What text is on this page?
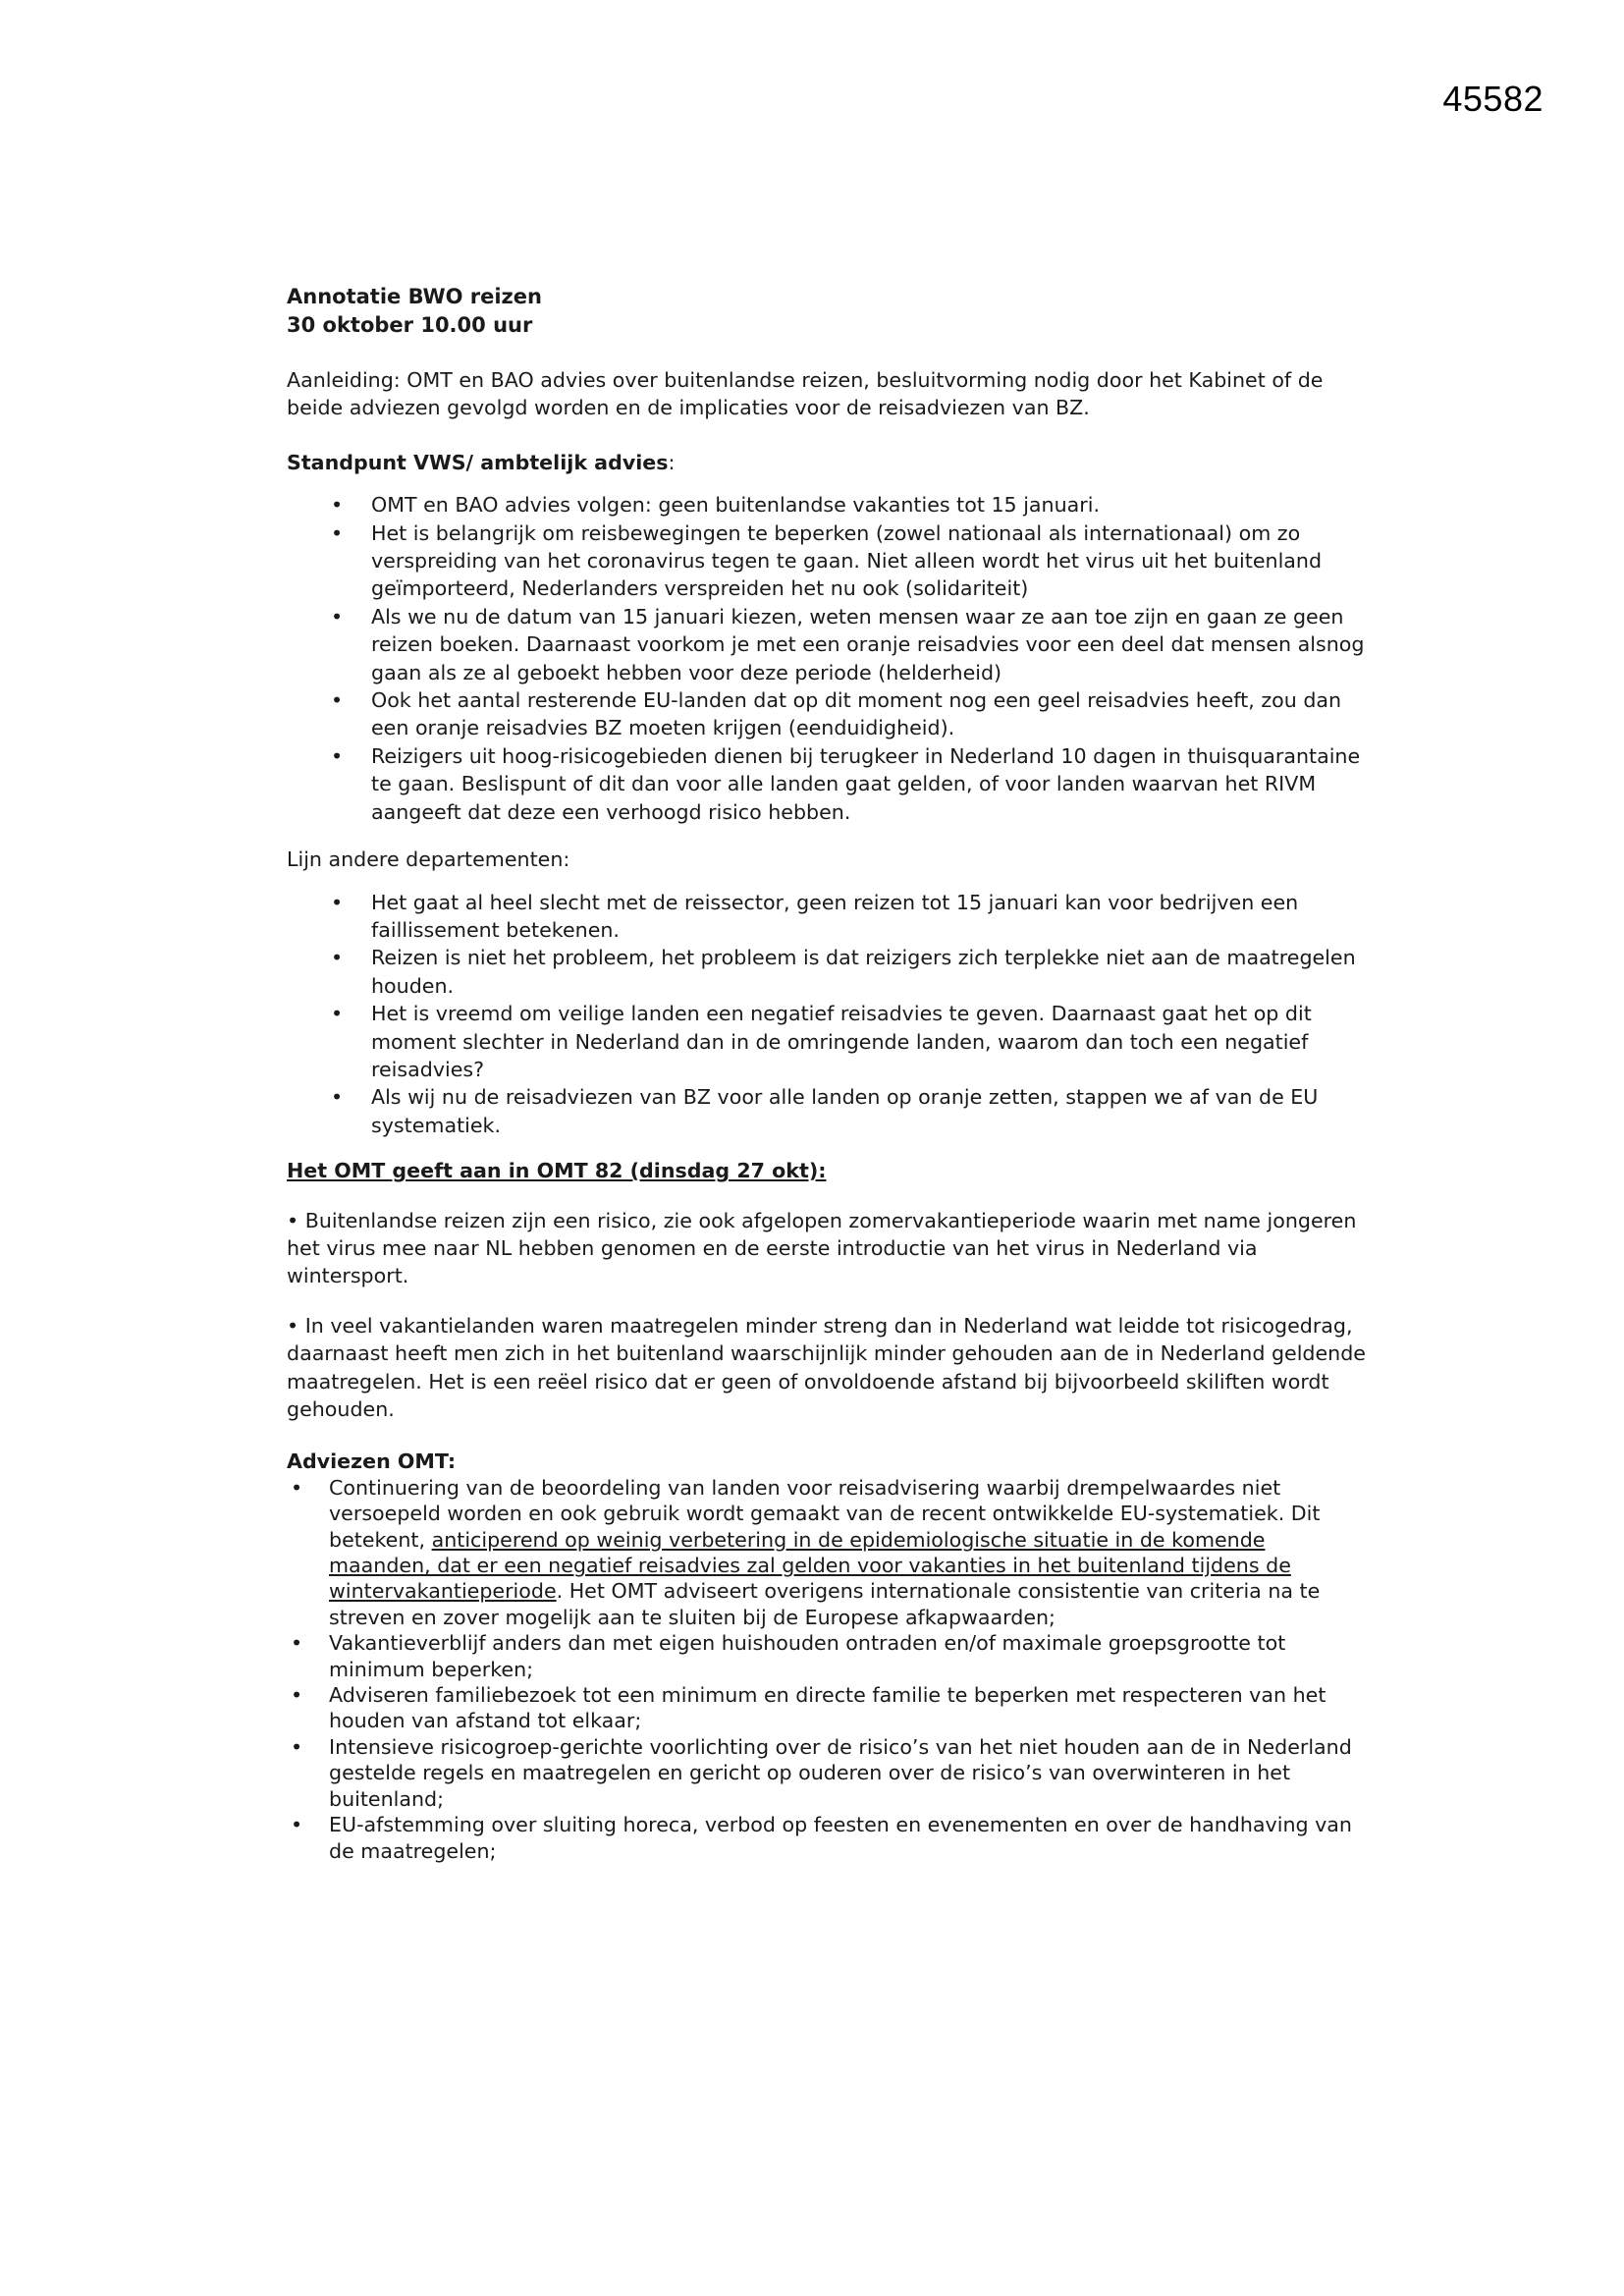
45582
Annotatie BWO reizen
30 oktober 10.00 uur

Aanleiding: OMT en BAO advies over buitenlandse reizen, besluitvorming nodig door het Kabinet of de beide adviezen gevolgd worden en de implicaties voor de reisadviezen van BZ.

Standpunt VWS/ ambtelijk advies:
• OMT en BAO advies volgen: geen buitenlandse vakanties tot 15 januari.
• Het is belangrijk om reisbewegingen te beperken (zowel nationaal als internationaal) om zo verspreiding van het coronavirus tegen te gaan. Niet alleen wordt het virus uit het buitenland geïmporteerd, Nederlanders verspreiden het nu ook (solidariteit)
• Als we nu de datum van 15 januari kiezen, weten mensen waar ze aan toe zijn en gaan ze geen reizen boeken. Daarnaast voorkom je met een oranje reisadvies voor een deel dat mensen alsnog gaan als ze al geboekt hebben voor deze periode (helderheid)
• Ook het aantal resterende EU-landen dat op dit moment nog een geel reisadvies heeft, zou dan een oranje reisadvies BZ moeten krijgen (eenduidigheid).
• Reizigers uit hoog-risicogebieden dienen bij terugkeer in Nederland 10 dagen in thuisquarantaine te gaan. Beslispunt of dit dan voor alle landen gaat gelden, of voor landen waarvan het RIVM aangeeft dat deze een verhoogd risico hebben.
Lijn andere departementen:
• Het gaat al heel slecht met de reissector, geen reizen tot 15 januari kan voor bedrijven een faillissement betekenen.
• Reizen is niet het probleem, het probleem is dat reizigers zich terplekke niet aan de maatregelen houden.
• Het is vreemd om veilige landen een negatief reisadvies te geven. Daarnaast gaat het op dit moment slechter in Nederland dan in de omringende landen, waarom dan toch een negatief reisadvies?
• Als wij nu de reisadviezen van BZ voor alle landen op oranje zetten, stappen we af van de EU systematiek.
Het OMT geeft aan in OMT 82 (dinsdag 27 okt):

• Buitenlandse reizen zijn een risico, zie ook afgelopen zomervakantieperiode waarin met name jongeren het virus mee naar NL hebben genomen en de eerste introductie van het virus in Nederland via wintersport.

• In veel vakantielanden waren maatregelen minder streng dan in Nederland wat leidde tot risicogedrag, daarnaast heeft men zich in het buitenland waarschijnlijk minder gehouden aan de in Nederland geldende maatregelen. Het is een reëel risico dat er geen of onvoldoende afstand bij bijvoorbeeld skiliften wordt gehouden.

Adviezen OMT:
• Continuering van de beoordeling van landen voor reisadvisering waarbij drempelwaardes niet versoepeld worden en ook gebruik wordt gemaakt van de recent ontwikkelde EU-systematiek. Dit betekent, anticiperend op weinig verbetering in de epidemiologische situatie in de komende maanden, dat er een negatief reisadvies zal gelden voor vakanties in het buitenland tijdens de wintervakantieperiode. Het OMT adviseert overigens internationale consistentie van criteria na te streven en zover mogelijk aan te sluiten bij de Europese afkapwaarden;
• Vakantieverblijf anders dan met eigen huishouden ontraden en/of maximale groepsgrootte tot minimum beperken;
• Adviseren familiebezoek tot een minimum en directe familie te beperken met respecteren van het houden van afstand tot elkaar;
• Intensieve risicogroep-gerichte voorlichting over de risico’s van het niet houden aan de in Nederland gestelde regels en maatregelen en gericht op ouderen over de risico’s van overwinteren in het buitenland;
• EU-afstemming over sluiting horeca, verbod op feesten en evenementen en over de handhaving van de maatregelen;
